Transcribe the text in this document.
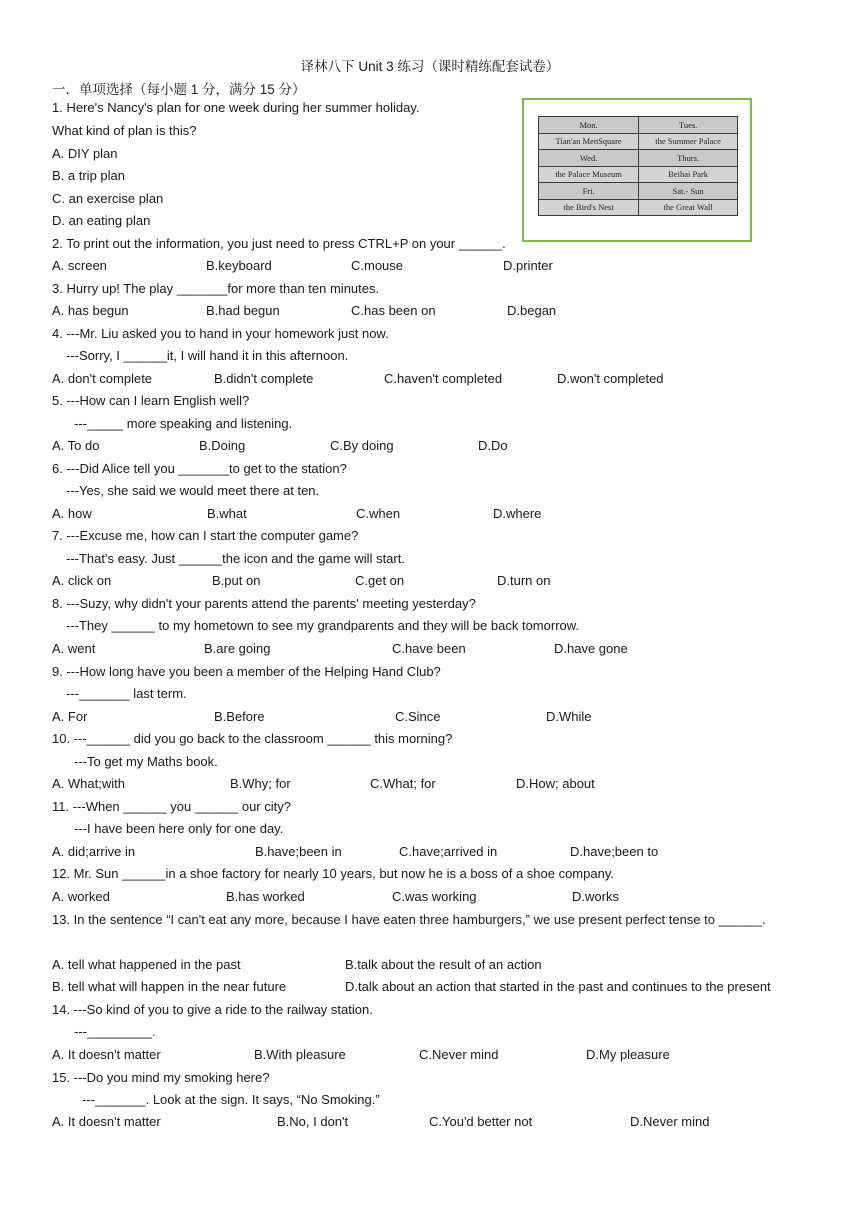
译林八下 Unit 3 练习（课时精练配套试卷）
一．单项选择（每小题 1 分，满分 15 分）
Mon.	Tues.
Tian'an MenSquare	the Summer Palace
Wed.	Thurs.
the Palace Museum	Beihai Park
Fri.	Sat.- Sun
the Bird's Nest	the Great Wall
1. Here's Nancy's plan for one week during her summer holiday.
What kind of plan is this?
A. DIY plan
B. a trip plan
C. an exercise plan
D. an eating plan
2. To print out the information, you just need to press CTRL+P on your ______.
A. screen	B.keyboard	C.mouse	D.printer
3. Hurry up! The play _______for more than ten minutes.
A. has begun	B.had begun	C.has been on	D.began
4. ---Mr. Liu asked you to hand in your homework just now.
---Sorry, I ______it, I will hand it in this afternoon.
A. don't complete	B.didn't complete	C.haven't completed	D.won't completed
5. ---How can I learn English well?
---_____ more speaking and listening.
A. To do	B.Doing	C.By doing	D.Do
6. ---Did Alice tell you _______to get to the station?
---Yes, she said we would meet there at ten.
A. how	B.what	C.when	D.where
7. ---Excuse me, how can I start the computer game?
---That's easy. Just ______the icon and the game will start.
A. click on	B.put on	C.get on	D.turn on
8. ---Suzy, why didn't your parents attend the parents' meeting yesterday?
---They ______ to my hometown to see my grandparents and they will be back tomorrow.
A. went	B.are going	C.have been	D.have gone
9. ---How long have you been a member of the Helping Hand Club?
---_______ last term.
A. For	B.Before	C.Since	D.While
10. ---______ did you go back to the classroom ______ this morning?
---To get my Maths book.
A. What;with	B.Why; for	C.What; for	D.How; about
11. ---When ______ you ______ our city?
---I have been here only for one day.
A. did;arrive in	B.have;been in	C.have;arrived in	D.have;been to
12. Mr. Sun ______in a shoe factory for nearly 10 years, but now he is a boss of a shoe company.
A. worked	B.has worked	C.was working	D.works
13. In the sentence “I can't eat any more, because I have eaten three hamburgers,” we use present perfect tense to ______.
A. tell what happened in the past	B.talk about the result of an action
B. tell what will happen in the near future	D.talk about an action that started in the past and continues to the present
14. ---So kind of you to give a ride to the railway station.
---_________.
A. It doesn't matter	B.With pleasure	C.Never mind	D.My pleasure
15. ---Do you mind my smoking here?
---_______. Look at the sign. It says, “No Smoking.”
A. It doesn't matter	B.No, I don't	C.You'd better not	D.Never mind
